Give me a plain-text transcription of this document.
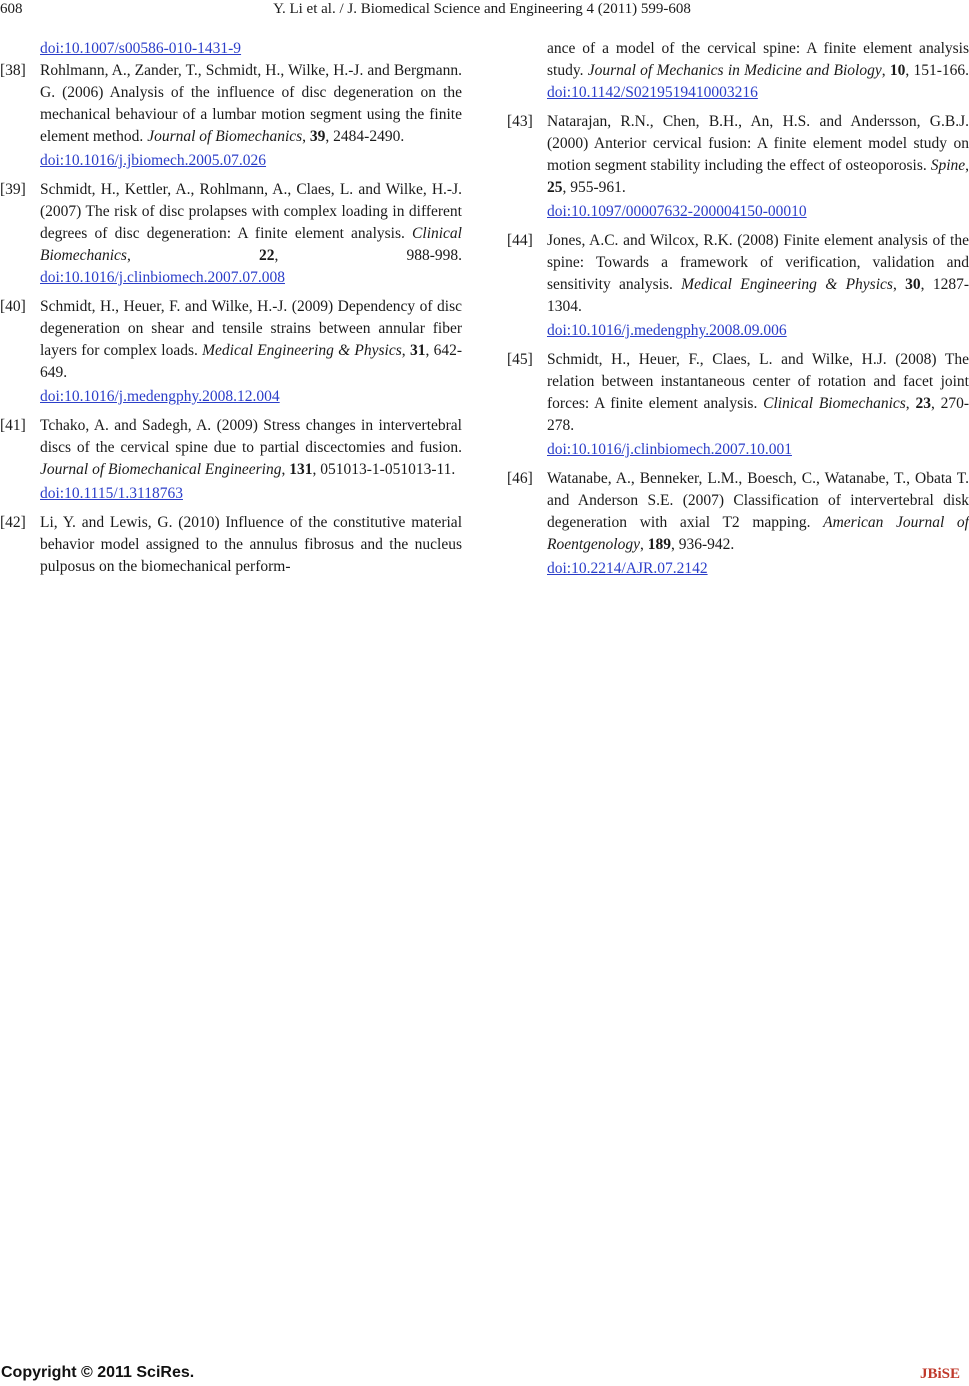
608	Y. Li et al. / J. Biomedical Science and Engineering 4 (2011) 599-608
doi:10.1007/s00586-010-1431-9
[38] Rohlmann, A., Zander, T., Schmidt, H., Wilke, H.-J. and Bergmann. G. (2006) Analysis of the influence of disc degeneration on the mechanical behaviour of a lumbar motion segment using the finite element method. Journal of Biomechanics, 39, 2484-2490.
doi:10.1016/j.jbiomech.2005.07.026
[39] Schmidt, H., Kettler, A., Rohlmann, A., Claes, L. and Wilke, H.-J. (2007) The risk of disc prolapses with complex loading in different degrees of disc degeneration: A finite element analysis. Clinical Biomechanics, 22, 988-998. doi:10.1016/j.clinbiomech.2007.07.008
[40] Schmidt, H., Heuer, F. and Wilke, H.-J. (2009) Dependency of disc degeneration on shear and tensile strains between annular fiber layers for complex loads. Medical Engineering & Physics, 31, 642-649.
doi:10.1016/j.medengphy.2008.12.004
[41] Tchako, A. and Sadegh, A. (2009) Stress changes in intervertebral discs of the cervical spine due to partial discectomies and fusion. Journal of Biomechanical Engineering, 131, 051013-1-051013-11.
doi:10.1115/1.3118763
[42] Li, Y. and Lewis, G. (2010) Influence of the constitutive material behavior model assigned to the annulus fibrosus and the nucleus pulposus on the biomechanical perform-
ance of a model of the cervical spine: A finite element analysis study. Journal of Mechanics in Medicine and Biology, 10, 151-166. doi:10.1142/S0219519410003216
[43] Natarajan, R.N., Chen, B.H., An, H.S. and Andersson, G.B.J. (2000) Anterior cervical fusion: A finite element model study on motion segment stability including the effect of osteoporosis. Spine, 25, 955-961.
doi:10.1097/00007632-200004150-00010
[44] Jones, A.C. and Wilcox, R.K. (2008) Finite element analysis of the spine: Towards a framework of verification, validation and sensitivity analysis. Medical Engineering & Physics, 30, 1287-1304.
doi:10.1016/j.medengphy.2008.09.006
[45] Schmidt, H., Heuer, F., Claes, L. and Wilke, H.J. (2008) The relation between instantaneous center of rotation and facet joint forces: A finite element analysis. Clinical Biomechanics, 23, 270-278.
doi:10.1016/j.clinbiomech.2007.10.001
[46] Watanabe, A., Benneker, L.M., Boesch, C., Watanabe, T., Obata T. and Anderson S.E. (2007) Classification of intervertebral disk degeneration with axial T2 mapping. American Journal of Roentgenology, 189, 936-942.
doi:10.2214/AJR.07.2142
Copyright © 2011 SciRes.	JBiSE
